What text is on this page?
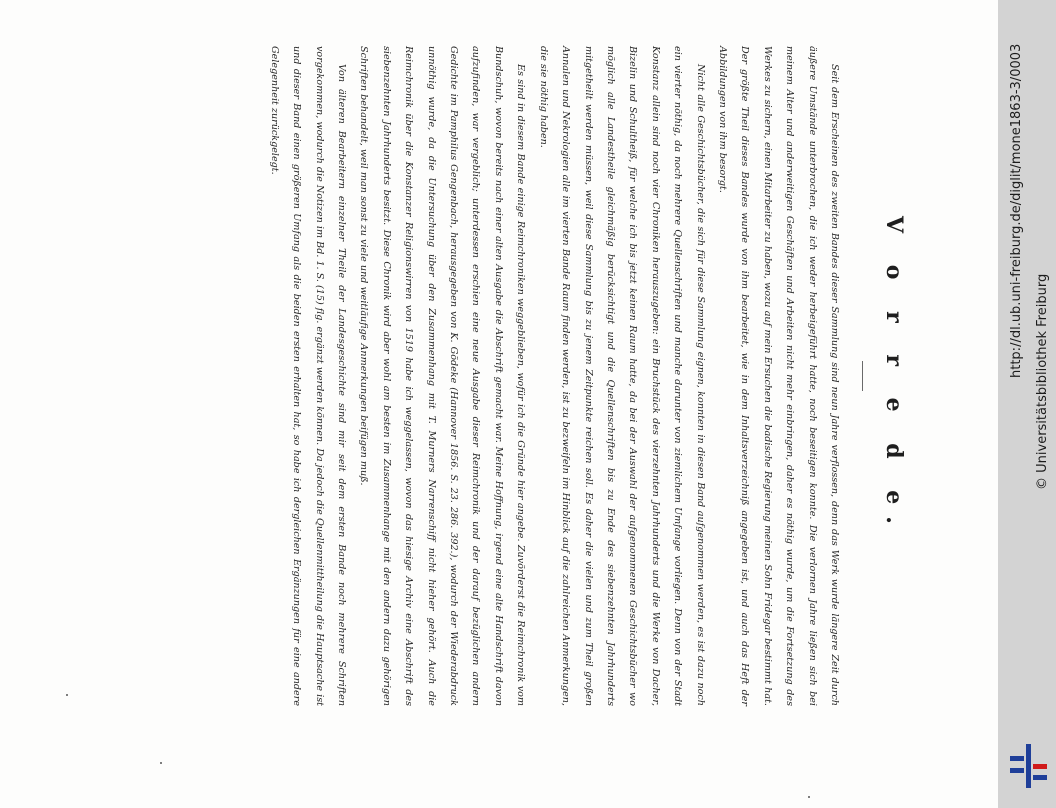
V o r r e d e.

Seit dem Erscheinen des zweiten Bandes dieser Sammlung sind neun Jahre verflossen, denn das Werk wurde längere Zeit durch äußere Umstände unterbrochen, die ich weder herbeigeführt hatte, noch beseitigen konnte. Die verlornen Jahre ließen sich bei meinem Alter und anderweitigen Geschäften und Arbeiten nicht mehr einbringen, daher es nöthig wurde, um die Fortsetzung des Werkes zu sichern, einen Mitarbeiter zu haben, wozu auf mein Ersuchen die badische Regierung meinen Sohn Fridegar bestimmt hat. Der größte Theil dieses Bandes wurde von ihm bearbeitet, wie in dem Inhaltsverzeichniß angegeben ist, und auch das Heft der Abbildungen von ihm besorgt.

Nicht alle Geschichtsbücher, die sich für diese Sammlung eignen, konnten in diesen Band aufgenommen werden, es ist dazu noch ein vierter nöthig, da noch mehrere Quellenschriften und manche darunter von ziemlichem Umfange vorliegen. Denn von der Stadt Konstanz allein sind noch vier Chroniken herauszugeben: ein Bruchstück des vierzehnten Jahrhunderts und die Werke von Dacher, Bizelin und Schultheiß, für welche ich bis jetzt keinen Raum hatte, da bei der Auswahl der aufgenommenen Geschichtsbücher wo möglich alle Landestheile gleichmäßig berücksichtigt und die Quellenschriften bis zu Ende des siebenzehnten Jahrhunderts mitgetheilt werden müssen, weil diese Sammlung bis zu jenem Zeitpunkte reichen soll. Es daher die vielen und zum Theil großen Annalen und Nekrologien alle im vierten Bande Raum finden werden, ist zu bezweifeln im Hinblick auf die zahlreichen Anmerkungen, die sie nöthig haben.

Es sind in diesem Bande einige Reimchroniken weggeblieben, wofür ich die Gründe hier angebe. Zuvörderst die Reimchronik vom Bundschuh, wovon bereits nach einer alten Ausgabe die Abschrift gemacht war. Meine Hoffnung, irgend eine alte Handschrift davon aufzufinden, war vergeblich; unterdessen erschien eine neue Ausgabe dieser Reimchronik und der darauf bezüglichen andern Gedichte im Pamphilus Gengenbach, herausgegeben von K. Gödeke (Hannover 1856. S. 23. 286. 392.), wodurch der Wiederabdruck unnöthig wurde, da die Untersuchung über den Zusammenhang mit T. Murners Narrenschiff nicht hieher gehört. Auch die Reimchronik über die Konstanzer Religionswirren von 1519 habe ich weggelassen, wovon das hiesige Archiv eine Abschrift des siebenzehnten Jahrhunderts besitzt. Diese Chronik wird aber wohl am besten im Zusammenhange mit den andern dazu gehörigen Schriften behandelt, weil man sonst zu viele und weitläufige Anmerkungen beifügen muß.

Von älteren Bearbeitern einzelner Theile der Landesgeschichte sind mir seit dem ersten Bande noch mehrere Schriften vorgekommen, wodurch die Notizen im Bd. 1. S. (15) flg. ergänzt werden können. Da jedoch die Quellenmittheilung die Hauptsache ist und dieser Band einen größeren Umfang als die beiden ersten erhalten hat, so habe ich dergleichen Ergänzungen für eine andere Gelegenheit zurückgelegt.	http://dl.ub.uni-freiburg.de/diglit/mone1863-3/0003
© Universitätsbibliothek Freiburg
